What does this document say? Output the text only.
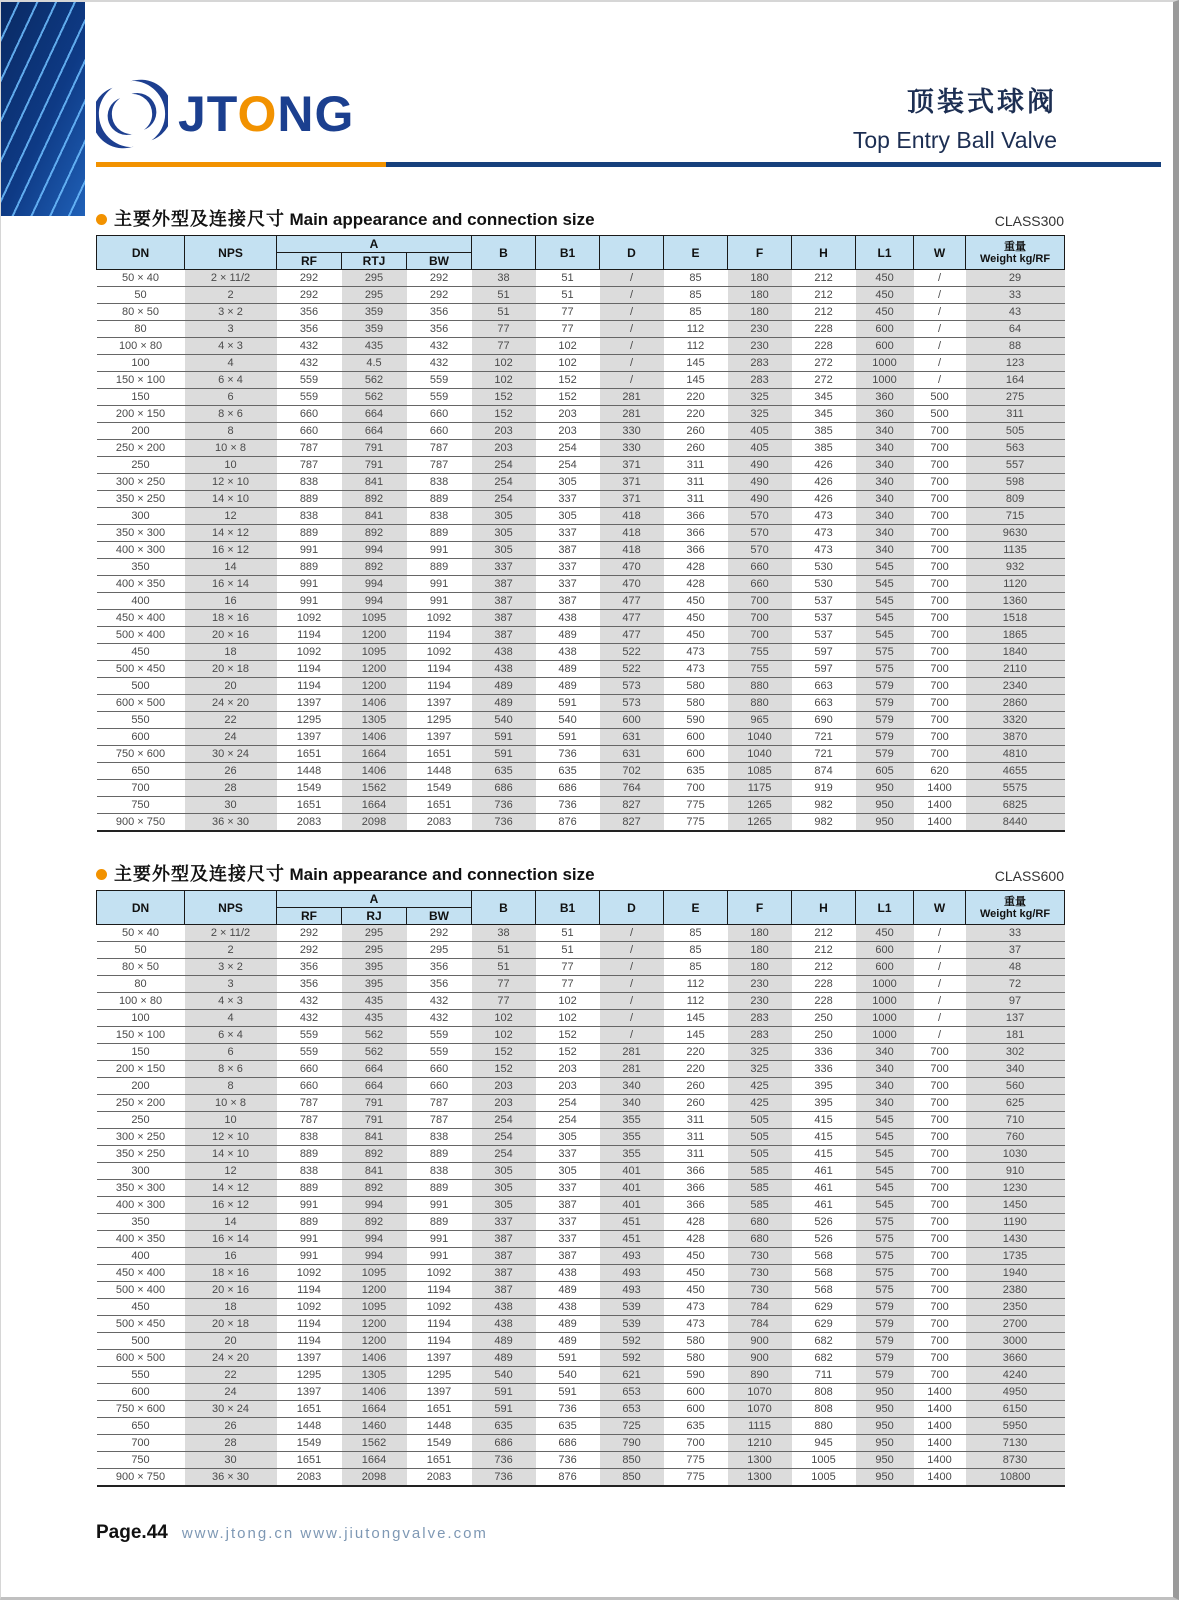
JTONG	顶装式球阀
Top Entry Ball Valve
主要外型及连接尺寸 Main appearance and connection size	CLASS300
DN	NPS	A			B	B1	D	E	F	H	L1	W	重量
Weight kg/RF

		RF	RTJ	BW									
50 × 40	2 × 11/2	292	295	292	38	51	/	85	180	212	450	/	29
50	2	292	295	292	51	51	/	85	180	212	450	/	33
80 × 50	3 × 2	356	359	356	51	77	/	85	180	212	450	/	43
80	3	356	359	356	77	77	/	112	230	228	600	/	64
100 × 80	4 × 3	432	435	432	77	102	/	112	230	228	600	/	88
100	4	432	4.5	432	102	102	/	145	283	272	1000	/	123
150 × 100	6 × 4	559	562	559	102	152	/	145	283	272	1000	/	164
150	6	559	562	559	152	152	281	220	325	345	360	500	275
200 × 150	8 × 6	660	664	660	152	203	281	220	325	345	360	500	311
200	8	660	664	660	203	203	330	260	405	385	340	700	505
250 × 200	10 × 8	787	791	787	203	254	330	260	405	385	340	700	563
250	10	787	791	787	254	254	371	311	490	426	340	700	557
300 × 250	12 × 10	838	841	838	254	305	371	311	490	426	340	700	598
350 × 250	14 × 10	889	892	889	254	337	371	311	490	426	340	700	809
300	12	838	841	838	305	305	418	366	570	473	340	700	715
350 × 300	14 × 12	889	892	889	305	337	418	366	570	473	340	700	9630
400 × 300	16 × 12	991	994	991	305	387	418	366	570	473	340	700	1135
350	14	889	892	889	337	337	470	428	660	530	545	700	932
400 × 350	16 × 14	991	994	991	387	337	470	428	660	530	545	700	1120
400	16	991	994	991	387	387	477	450	700	537	545	700	1360
450 × 400	18 × 16	1092	1095	1092	387	438	477	450	700	537	545	700	1518
500 × 400	20 × 16	1194	1200	1194	387	489	477	450	700	537	545	700	1865
450	18	1092	1095	1092	438	438	522	473	755	597	575	700	1840
500 × 450	20 × 18	1194	1200	1194	438	489	522	473	755	597	575	700	2110
500	20	1194	1200	1194	489	489	573	580	880	663	579	700	2340
600 × 500	24 × 20	1397	1406	1397	489	591	573	580	880	663	579	700	2860
550	22	1295	1305	1295	540	540	600	590	965	690	579	700	3320
600	24	1397	1406	1397	591	591	631	600	1040	721	579	700	3870
750 × 600	30 × 24	1651	1664	1651	591	736	631	600	1040	721	579	700	4810
650	26	1448	1406	1448	635	635	702	635	1085	874	605	620	4655
700	28	1549	1562	1549	686	686	764	700	1175	919	950	1400	5575
750	30	1651	1664	1651	736	736	827	775	1265	982	950	1400	6825
900 × 750	36 × 30	2083	2098	2083	736	876	827	775	1265	982	950	1400	8440
主要外型及连接尺寸 Main appearance and connection size	CLASS600
DN	NPS	A			B	B1	D	E	F	H	L1	W	重量
Weight kg/RF

		RF	RJ	BW									
50 × 40	2 × 11/2	292	295	292	38	51	/	85	180	212	450	/	33
50	2	292	295	295	51	51	/	85	180	212	600	/	37
80 × 50	3 × 2	356	395	356	51	77	/	85	180	212	600	/	48
80	3	356	395	356	77	77	/	112	230	228	1000	/	72
100 × 80	4 × 3	432	435	432	77	102	/	112	230	228	1000	/	97
100	4	432	435	432	102	102	/	145	283	250	1000	/	137
150 × 100	6 × 4	559	562	559	102	152	/	145	283	250	1000	/	181
150	6	559	562	559	152	152	281	220	325	336	340	700	302
200 × 150	8 × 6	660	664	660	152	203	281	220	325	336	340	700	340
200	8	660	664	660	203	203	340	260	425	395	340	700	560
250 × 200	10 × 8	787	791	787	203	254	340	260	425	395	340	700	625
250	10	787	791	787	254	254	355	311	505	415	545	700	710
300 × 250	12 × 10	838	841	838	254	305	355	311	505	415	545	700	760
350 × 250	14 × 10	889	892	889	254	337	355	311	505	415	545	700	1030
300	12	838	841	838	305	305	401	366	585	461	545	700	910
350 × 300	14 × 12	889	892	889	305	337	401	366	585	461	545	700	1230
400 × 300	16 × 12	991	994	991	305	387	401	366	585	461	545	700	1450
350	14	889	892	889	337	337	451	428	680	526	575	700	1190
400 × 350	16 × 14	991	994	991	387	337	451	428	680	526	575	700	1430
400	16	991	994	991	387	387	493	450	730	568	575	700	1735
450 × 400	18 × 16	1092	1095	1092	387	438	493	450	730	568	575	700	1940
500 × 400	20 × 16	1194	1200	1194	387	489	493	450	730	568	575	700	2380
450	18	1092	1095	1092	438	438	539	473	784	629	579	700	2350
500 × 450	20 × 18	1194	1200	1194	438	489	539	473	784	629	579	700	2700
500	20	1194	1200	1194	489	489	592	580	900	682	579	700	3000
600 × 500	24 × 20	1397	1406	1397	489	591	592	580	900	682	579	700	3660
550	22	1295	1305	1295	540	540	621	590	890	711	579	700	4240
600	24	1397	1406	1397	591	591	653	600	1070	808	950	1400	4950
750 × 600	30 × 24	1651	1664	1651	591	736	653	600	1070	808	950	1400	6150
650	26	1448	1460	1448	635	635	725	635	1115	880	950	1400	5950
700	28	1549	1562	1549	686	686	790	700	1210	945	950	1400	7130
750	30	1651	1664	1651	736	736	850	775	1300	1005	950	1400	8730
900 × 750	36 × 30	2083	2098	2083	736	876	850	775	1300	1005	950	1400	10800
Page.44 www.jtong.cn www.jiutongvalve.com
